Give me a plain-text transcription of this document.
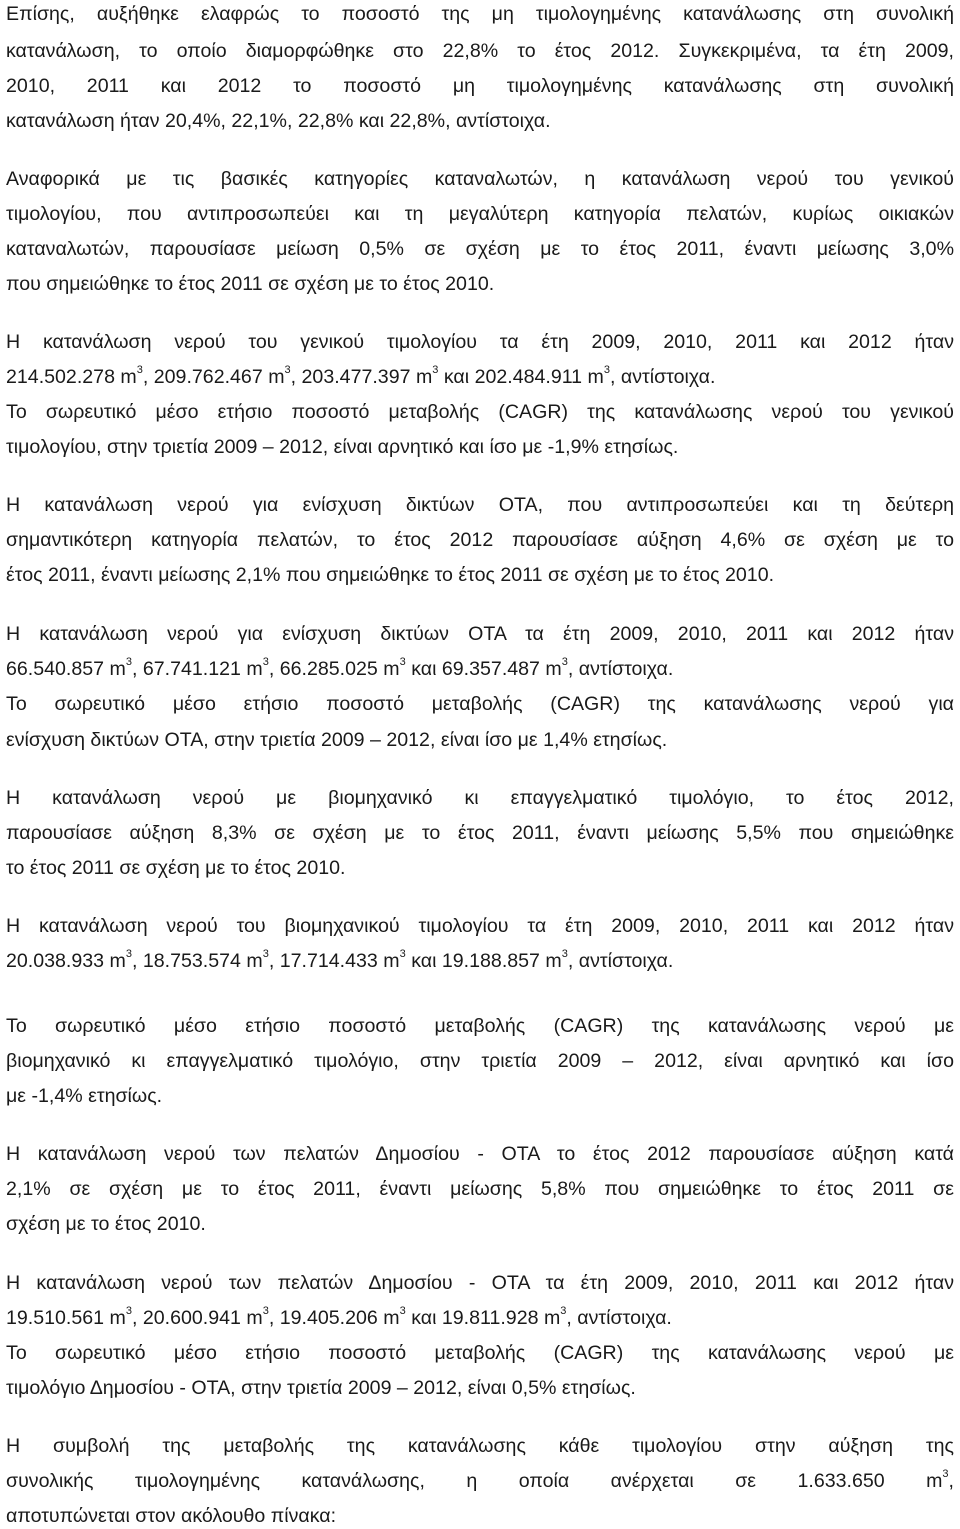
Επίσης, αυξήθηκε ελαφρώς το ποσοστό της μη τιμολογημένης κατανάλωσης στη συνολική
κατανάλωση, το οποίο διαμορφώθηκε στο 22,8% το έτος 2012. Συγκεκριμένα, τα έτη 2009,
2010, 2011 και 2012 το ποσοστό μη τιμολογημένης κατανάλωσης στη συνολική
κατανάλωση ήταν 20,4%, 22,1%, 22,8% και 22,8%, αντίστοιχα.
Αναφορικά με τις βασικές κατηγορίες καταναλωτών, η κατανάλωση νερού του γενικού
τιμολογίου, που αντιπροσωπεύει και τη μεγαλύτερη κατηγορία πελατών, κυρίως οικιακών
καταναλωτών, παρουσίασε μείωση 0,5% σε σχέση με το έτος 2011, έναντι μείωσης 3,0%
που σημειώθηκε το έτος 2011 σε σχέση με το έτος 2010.
Η κατανάλωση νερού του γενικού τιμολογίου τα έτη 2009, 2010, 2011 και 2012 ήταν
214.502.278 $m^3$, 209.762.467 $m^3$, 203.477.397 $m^3$ και 202.484.911 $m^3$, αντίστοιχα.
Το σωρευτικό μέσο ετήσιο ποσοστό μεταβολής (CAGR) της κατανάλωσης νερού του γενικού
τιμολογίου, στην τριετία 2009 – 2012, είναι αρνητικό και ίσο με -1,9% ετησίως.
Η κατανάλωση νερού για ενίσχυση δικτύων ΟΤΑ, που αντιπροσωπεύει και τη δεύτερη
σημαντικότερη κατηγορία πελατών, το έτος 2012 παρουσίασε αύξηση 4,6% σε σχέση με το
έτος 2011, έναντι μείωσης 2,1% που σημειώθηκε το έτος 2011 σε σχέση με το έτος 2010.
Η κατανάλωση νερού για ενίσχυση δικτύων ΟΤΑ τα έτη 2009, 2010, 2011 και 2012 ήταν
66.540.857 $m^3$, 67.741.121 $m^3$, 66.285.025 $m^3$ και 69.357.487 $m^3$, αντίστοιχα.
Το σωρευτικό μέσο ετήσιο ποσοστό μεταβολής (CAGR) της κατανάλωσης νερού για
ενίσχυση δικτύων ΟΤΑ, στην τριετία 2009 – 2012, είναι ίσο με 1,4% ετησίως.
Η κατανάλωση νερού με βιομηχανικό κι επαγγελματικό τιμολόγιο, το έτος 2012,
παρουσίασε αύξηση 8,3% σε σχέση με το έτος 2011, έναντι μείωσης 5,5% που σημειώθηκε
το έτος 2011 σε σχέση με το έτος 2010.
Η κατανάλωση νερού του βιομηχανικού τιμολογίου τα έτη 2009, 2010, 2011 και 2012 ήταν
20.038.933 $m^3$, 18.753.574 $m^3$, 17.714.433 $m^3$ και 19.188.857 $m^3$, αντίστοιχα.
Το σωρευτικό μέσο ετήσιο ποσοστό μεταβολής (CAGR) της κατανάλωσης νερού με
βιομηχανικό κι επαγγελματικό τιμολόγιο, στην τριετία 2009 – 2012, είναι αρνητικό και ίσο
με -1,4% ετησίως.
Η κατανάλωση νερού των πελατών Δημοσίου - ΟΤΑ το έτος 2012 παρουσίασε αύξηση κατά
2,1% σε σχέση με το έτος 2011, έναντι μείωσης 5,8% που σημειώθηκε το έτος 2011 σε
σχέση με το έτος 2010.
Η κατανάλωση νερού των πελατών Δημοσίου - ΟΤΑ τα έτη 2009, 2010, 2011 και 2012 ήταν
19.510.561 $m^3$, 20.600.941 $m^3$, 19.405.206 $m^3$ και 19.811.928 $m^3$, αντίστοιχα.
Το σωρευτικό μέσο ετήσιο ποσοστό μεταβολής (CAGR) της κατανάλωσης νερού με
τιμολόγιο Δημοσίου - ΟΤΑ, στην τριετία 2009 – 2012, είναι 0,5% ετησίως.
Η συμβολή της μεταβολής της κατανάλωσης κάθε τιμολογίου στην αύξηση της
συνολικής τιμολογημένης κατανάλωσης, η οποία ανέρχεται σε 1.633.650 $m^3$,
αποτυπώνεται στον ακόλουθο πίνακα:
